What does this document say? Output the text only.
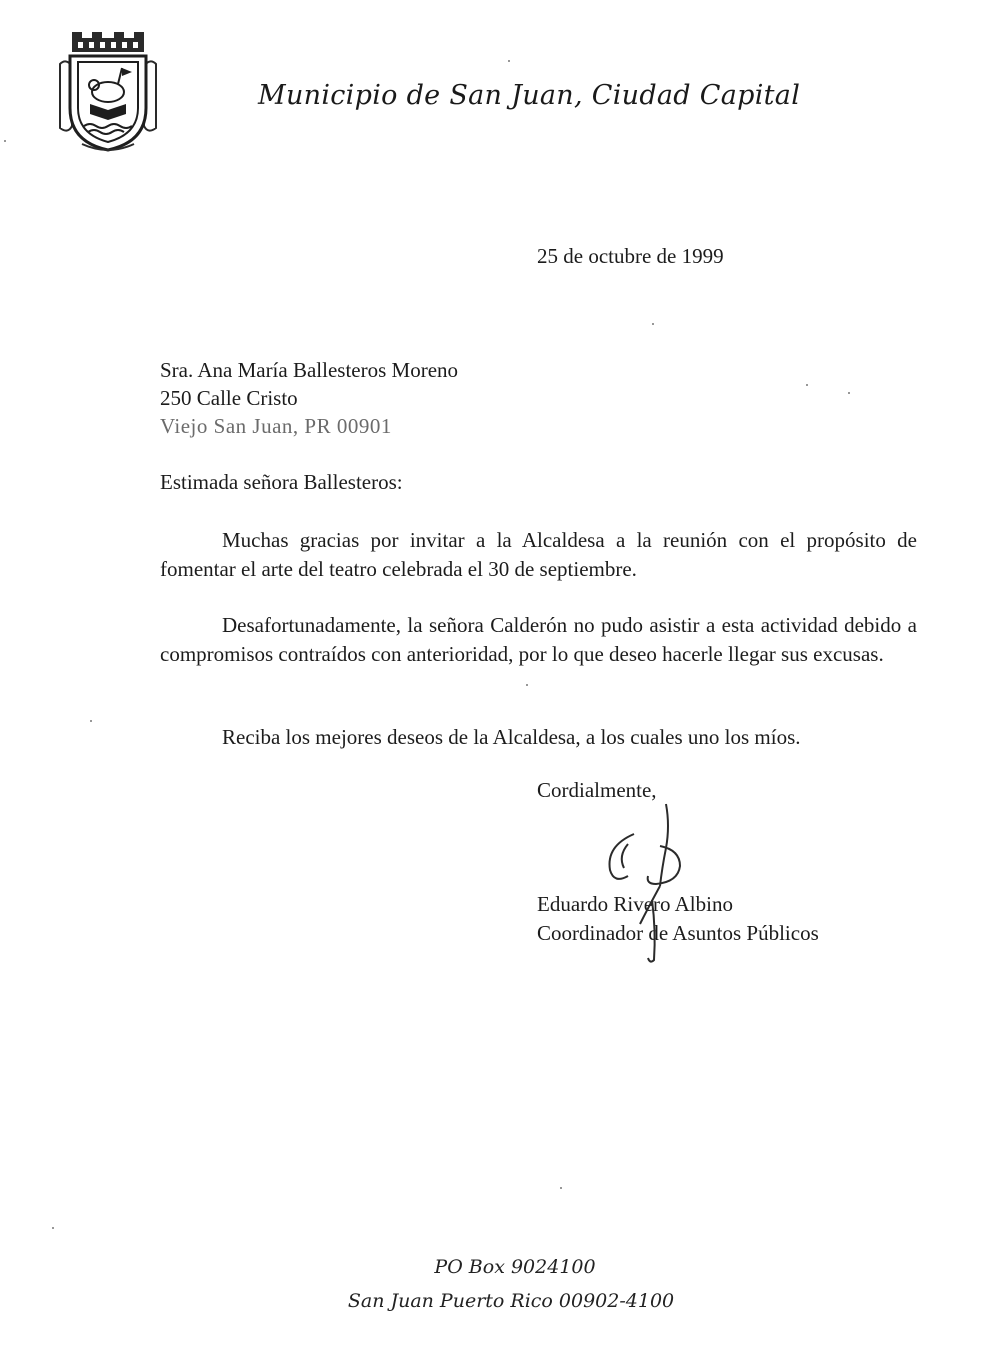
Municipio de San Juan, Ciudad Capital
25 de octubre de 1999
Sra. Ana María Ballesteros Moreno
250 Calle Cristo
Viejo San Juan, PR 00901
Estimada señora Ballesteros:
Muchas gracias por invitar a la Alcaldesa a la reunión con el propósito de fomentar el arte del teatro celebrada el 30 de septiembre.
Desafortunadamente, la señora Calderón no pudo asistir a esta actividad debido a compromisos contraídos con anterioridad, por lo que deseo hacerle llegar sus excusas.
Reciba los mejores deseos de la Alcaldesa, a los cuales uno los míos.
Cordialmente,
Eduardo Rivero Albino
Coordinador de Asuntos Públicos
PO Box 9024100
San Juan Puerto Rico 00902-4100
